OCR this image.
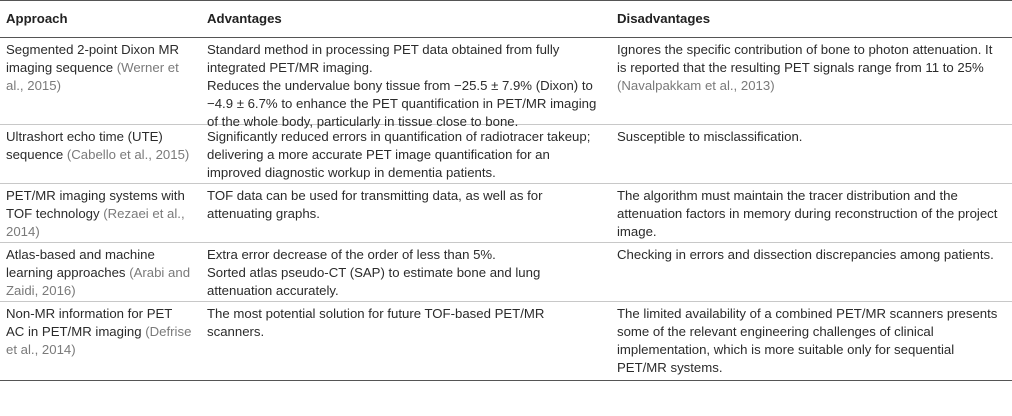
Approach	Advantages	Disadvantages
Segmented 2-point Dixon MR imaging sequence (Werner et al., 2015)
Standard method in processing PET data obtained from fully integrated PET/MR imaging.
Reduces the undervalue bony tissue from −25.5 ± 7.9% (Dixon) to −4.9 ± 6.7% to enhance the PET quantification in PET/MR imaging of the whole body, particularly in tissue close to bone.
Ignores the specific contribution of bone to photon attenuation. It is reported that the resulting PET signals range from 11 to 25% (Navalpakkam et al., 2013)
Ultrashort echo time (UTE) sequence (Cabello et al., 2015)
Significantly reduced errors in quantification of radiotracer takeup; delivering a more accurate PET image quantification for an improved diagnostic workup in dementia patients.
Susceptible to misclassification.
PET/MR imaging systems with TOF technology (Rezaei et al., 2014)
TOF data can be used for transmitting data, as well as for attenuating graphs.
The algorithm must maintain the tracer distribution and the attenuation factors in memory during reconstruction of the project image.
Atlas-based and machine learning approaches (Arabi and Zaidi, 2016)
Extra error decrease of the order of less than 5%.
Sorted atlas pseudo-CT (SAP) to estimate bone and lung attenuation accurately.
Checking in errors and dissection discrepancies among patients.
Non-MR information for PET AC in PET/MR imaging (Defrise et al., 2014)
The most potential solution for future TOF-based PET/MR scanners.
The limited availability of a combined PET/MR scanners presents some of the relevant engineering challenges of clinical implementation, which is more suitable only for sequential PET/MR systems.
